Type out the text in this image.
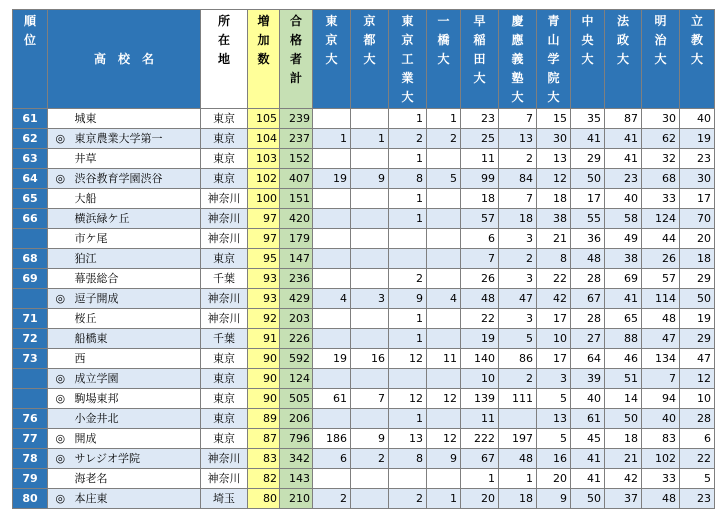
順位	高　校　名		所在地	増加数	合格者計	東京大	京都大	東京工業大	一橋大	早稲田大	慶應義塾大	青山学院大	中央大	法政大	明治大	立教大

61		城東	東京	105	239			1	1	23	7	15	35	87	30	40
62	◎	東京農業大学第一	東京	104	237	1	1	2	2	25	13	30	41	41	62	19
63		井草	東京	103	152			1		11	2	13	29	41	32	23
64	◎	渋谷教育学園渋谷	東京	102	407	19	9	8	5	99	84	12	50	23	68	30
65		大船	神奈川	100	151			1		18	7	18	17	40	33	17
66		横浜緑ケ丘	神奈川	97	420			1		57	18	38	55	58	124	70
		市ケ尾	神奈川	97	179					6	3	21	36	49	44	20
68		狛江	東京	95	147					7	2	8	48	38	26	18
69		幕張総合	千葉	93	236			2		26	3	22	28	69	57	29
	◎	逗子開成	神奈川	93	429	4	3	9	4	48	47	42	67	41	114	50
71		桜丘	神奈川	92	203			1		22	3	17	28	65	48	19
72		船橋東	千葉	91	226			1		19	5	10	27	88	47	29
73		西	東京	90	592	19	16	12	11	140	86	17	64	46	134	47
	◎	成立学園	東京	90	124					10	2	3	39	51	7	12
	◎	駒場東邦	東京	90	505	61	7	12	12	139	111	5	40	14	94	10
76		小金井北	東京	89	206			1		11		13	61	50	40	28
77	◎	開成	東京	87	796	186	9	13	12	222	197	5	45	18	83	6
78	◎	サレジオ学院	神奈川	83	342	6	2	8	9	67	48	16	41	21	102	22
79		海老名	神奈川	82	143					1	1	20	41	42	33	5
80	◎	本庄東	埼玉	80	210	2		2	1	20	18	9	50	37	48	23
